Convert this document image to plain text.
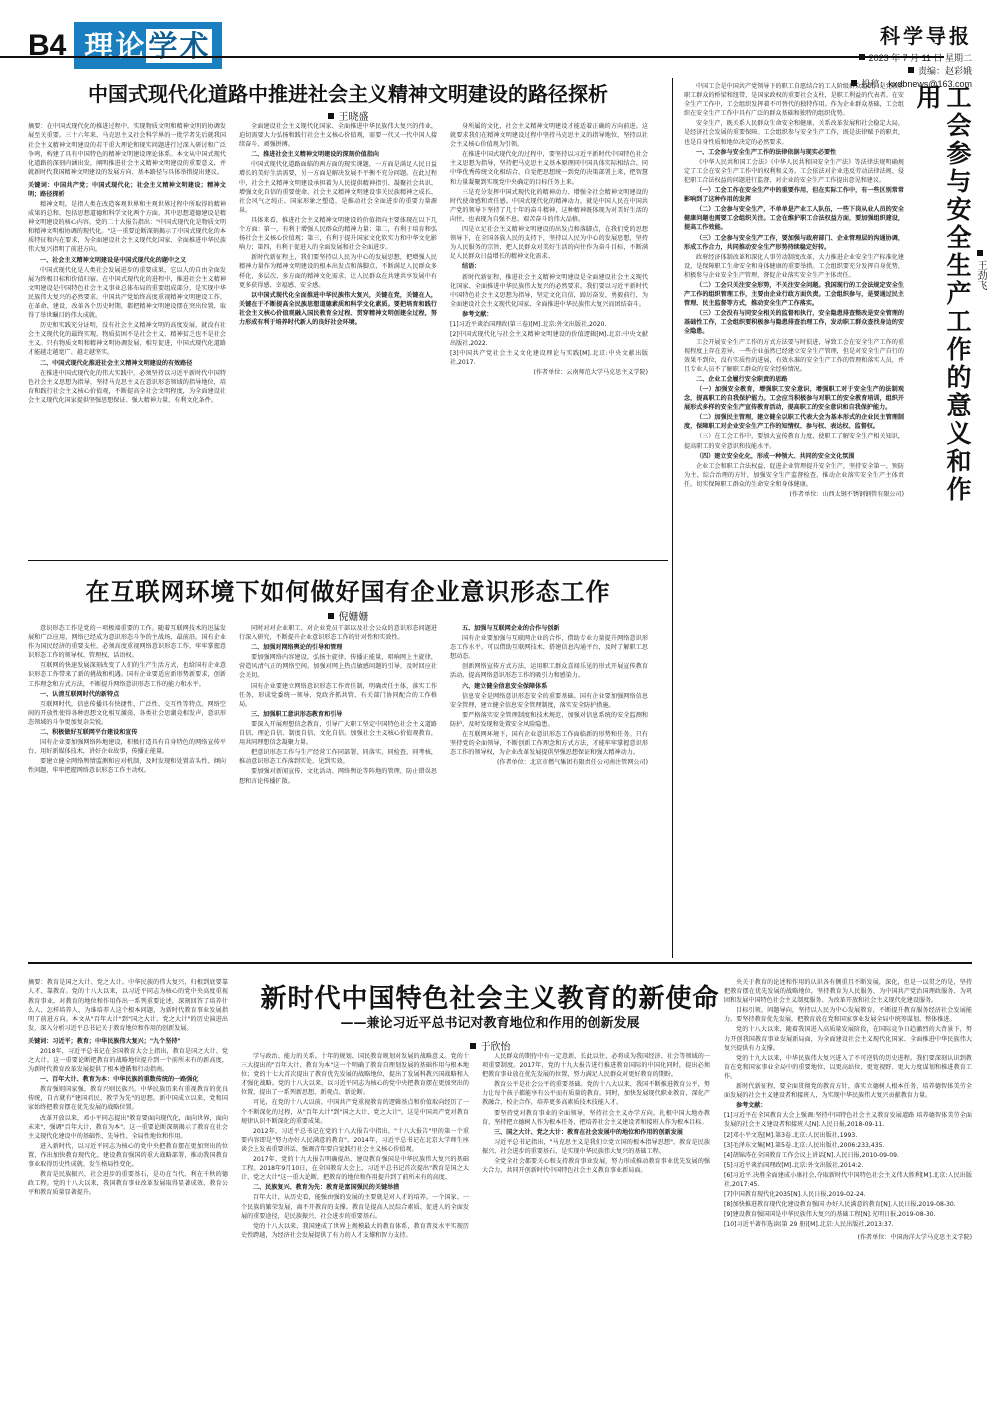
B4 理论学术	科学导报
2023 年 7 月 11 日 星期二
责编：赵彩娥
投稿：kxdbnews@163.com
中国式现代化道路中推进社会主义精神文明建设的路径探析
王晓盛

摘要：在中国式现代化的推进过程中，实现物质文明和精神文明的协调发展至关重要。三十六年来，马克思主义社会科学界的一批学者先后就我国社会主义精神文明建设的若干重大理论和现实问题进行过深入研讨和广泛争鸣，构建了具有中国特色的精神文明建设理论体系。本文从中国式现代化道路的深刻内涵出发，阐明推进社会主义精神文明建设的重要意义，并就新时代我国精神文明建设的发展方向、基本路径与具体举措提出建议。

关键词：中国共产党；中国式现代化；社会主义精神文明建设；精神文明；路径探析

精神文明，是指人类在改造客观世界和主观世界过程中所取得的精神成果的总和，包括思想道德和科学文化两个方面，其中思想道德建设是精神文明建设的核心内容。党的二十大报告指出："中国式现代化是物质文明和精神文明相协调的现代化。"这一重要论断深刻揭示了中国式现代化的本质特征和内在要求，为全面建设社会主义现代化国家、全面推进中华民族伟大复兴指明了前进方向。

一、社会主义精神文明建设是中国式现代化的题中之义

中国式现代化是人类社会发展进步的重要成果，它以人的自由全面发展为终极目标和价值归宿。在中国式现代化的进程中，推进社会主义精神文明建设是中国特色社会主义事业总体布局的重要组成部分，是实现中华民族伟大复兴的必然要求。中国共产党始终高度重视精神文明建设工作，在革命、建设、改革各个历史时期，都把精神文明建设摆在突出位置，取得了举世瞩目的伟大成就。

历史和实践充分证明，没有社会主义精神文明的高度发展，就没有社会主义现代化的最终实现。物质贫困不是社会主义，精神贫乏也不是社会主义。只有物质文明和精神文明协调发展、相互促进，中国式现代化道路才能越走越宽广、越走越坚实。

二、中国式现代化推进社会主义精神文明建设的有效路径

在推进中国式现代化的伟大实践中，必须坚持以习近平新时代中国特色社会主义思想为指导，坚持马克思主义在意识形态领域的指导地位，培育和践行社会主义核心价值观，不断提高全社会文明程度，为全面建设社会主义现代化国家提供坚强思想保证、强大精神力量、有利文化条件。

全面建设社会主义现代化国家、全面推进中华民族伟大复兴的伟业，迫切需要大力弘扬和践行社会主义核心价值观，需要一代又一代中国人接续奋斗、顽强拼搏。

二、推进社会主义精神文明建设的深刻价值指向

中国式现代化道路面临的两方面的现实课题，一方面是满足人民日益增长的美好生活需要，另一方面是解决发展不平衡不充分问题。在此过程中，社会主义精神文明建设承担着为人民提供精神指引、凝聚社会共识、增强文化自信的重要使命。社会主义精神文明建设事关民族精神之成长、社会风气之纯正、国家形象之塑造，是推动社会全面进步的重要力量源泉。

具体来看，推进社会主义精神文明建设的价值指向主要体现在以下几个方面：第一，有利于增强人民群众的精神力量；第二，有利于培育和弘扬社会主义核心价值观；第三，有利于提升国家文化软实力和中华文化影响力；第四，有利于促进人的全面发展和社会全面进步。

新时代新征程上，我们要坚持以人民为中心的发展思想，把增强人民精神力量作为精神文明建设的根本出发点和落脚点，不断满足人民群众多样化、多层次、多方面的精神文化需求，让人民群众在共建共享发展中有更多获得感、幸福感、安全感。

以中国式现代化全面推进中华民族伟大复兴，关键在党，关键在人，关键在于不断提高全民族思想道德素质和科学文化素质。要把培育和践行社会主义核心价值观融入国民教育全过程、贯穿精神文明创建全过程，努力形成有利于培养时代新人的良好社会环境。

身所属的文化，社会主义精神文明建设才能适着正确的方向前进。这就要求我们在精神文明建设过程中坚持马克思主义的指导地位，坚持以社会主义核心价值观为引领。

在推进中国式现代化的过程中，要坚持以习近平新时代中国特色社会主义思想为指导，坚持把马克思主义基本原理同中国具体实际相结合、同中华优秀传统文化相结合，自觉把思想统一到党的决策部署上来，把智慧和力量凝聚到实现党中央确定的目标任务上来。

三是充分发挥中国式现代化的精神动力、增强全社会精神文明建设的时代使命感和责任感。中国式现代化的精神动力，就是中国人民在中国共产党的领导下坚持了几十年的奋斗精神，这种精神既体现为对美好生活的向往，也表现为自强不息、艰苦奋斗的伟大品格。

四是立足社会主义精神文明建设的出发点和落脚点，在我们党的思想领导下，在全国各族人民的支持下，坚持以人民为中心的发展思想，坚持为人民服务的宗旨，把人民群众对美好生活的向往作为奋斗目标，不断满足人民群众日益增长的精神文化需求。

结语：

新时代新征程，推进社会主义精神文明建设是全面建设社会主义现代化国家、全面推进中华民族伟大复兴的必然要求。我们要以习近平新时代中国特色社会主义思想为指导，坚定文化自信，踔厉奋发、勇毅前行，为全面建设社会主义现代化国家、全面推进中华民族伟大复兴而团结奋斗。

参考文献：

[1]习近平谈治国理政(第三卷)[M].北京:外文出版社,2020.

[2]中国式现代化与社会主义精神文明建设的价值逻辑[M].北京:中央文献出版社,2022.

[3]中国共产党社会主义文化建设理论与实践[M].北京:中央文献出版社,2017.

(作者单位：云南师范大学马克思主义学院)	工会参与安全生产工作的意义和作用
王劲飞

中国工会是中国共产党领导下的职工自愿结合的工人阶级群众组织，是党联系职工群众的桥梁和纽带，是国家政权的重要社会支柱，是职工利益的代表者。在安全生产工作中，工会组织发挥着不可替代的独特作用。作为企业群众基础，工会组织在安全生产工作中具有广泛的群众基础和独特的组织优势。

安全生产，既关系人民群众生命安全和健康，关系改革发展和社会稳定大局，是经济社会发展的重要保障。工会组织参与安全生产工作，既是法律赋予的职责，也是自身性质和地位决定的必然要求。

一、工会参与安全生产工作的法律依据与现实必要性

《中华人民共和国工会法》《中华人民共和国安全生产法》等法律法规明确规定了工会在安全生产工作中的权利和义务。工会依法对企业违反劳动法律法规、侵犯职工合法权益的问题进行监督，对企业的安全生产工作提出意见和建议。

（一）工会工作在安全生产中的重要作用，但在实际工作中，有一些区别常常影响到了这种作用的发挥

（二）工会参与安全生产，不单单是产业工人队伍，一些下岗从业人员的安全健康问题也需要工会组织关注。工会在维护职工合法权益方面，要加强组织建设，提高工作效能。

（三）工会参与安全生产工作，要加强与政府部门、企业管理层的沟通协调，形成工作合力，共同推动安全生产形势持续稳定好转。

政府经济体制改革和深化人事劳动制度改革，大力推进企业安全生产标准化建设，是保障职工生命安全和身体健康的重要举措。工会组织要充分发挥自身优势，积极参与企业安全生产管理，督促企业落实安全生产主体责任。

（二）工会只关注安全形势，不关注安全问题。我国现行的工会法规定安全生产工作的组织管理工作，主要由企业行政方面负责。工会组织参与，是要通过民主管理、民主监督等方式，推动安全生产工作落实。

（三）工会没有与同安全相关的监督和执行，安全隐患排查整改是安全管理的基础性工作，工会组织要积极参与隐患排查治理工作，发动职工群众查找身边的安全隐患。

工会开展安全生产工作的方式方法要与时俱进，导致工会在安全生产工作的重视程度上存在差异，一些企业虽然已经建立安全生产管理，但是对安全生产自行的效果不到位，没有实质性的进展，有效水准的安全生产工作的管理和落实人员，并且专业人员不了解职工群众的安全经验情况。

二、企业工会履行安全职责的思路

（一）加强安全教育，增强职工安全意识，增强职工对于安全生产的法制观念，提高职工的自我保护能力。工会应当积极参与对职工的安全教育培训，组织开展形式多样的安全生产宣传教育活动，提高职工的安全意识和自我保护能力。

（二）加强民主管理，建立健全以职工代表大会为基本形式的企业民主管理制度，保障职工对企业安全生产工作的知情权、参与权、表达权、监督权。

（三）在工会工作中，要加大宣传教育力度，使职工了解安全生产相关知识，提高职工的安全意识和技能水平。

（四）建立安全化化，形成一种领大、共同的安全文化氛围

企业工会和职工合法权益、促进企业管理提升安全生产，坚持安全第一、预防为主、综合治理的方针，加强安全生产监督检查，推动企业落实安全生产主体责任，切实保障职工群众的生命安全和身体健康。

(作者单位：山西太钢不锈钢钢管有限公司)

在互联网环境下如何做好国有企业意识形态工作
倪姗姗

意识形态工作是党的一项极端重要的工作。随着互联网技术的迅猛发展和广泛应用，网络已经成为意识形态斗争的主战场、最前沿。国有企业作为国民经济的重要支柱，必须高度重视网络意识形态工作，牢牢掌握意识形态工作的领导权、管理权、话语权。

互联网的快速发展深刻改变了人们的生产生活方式，也给国有企业意识形态工作带来了新的挑战和机遇。国有企业要适应新形势新要求，创新工作理念和方式方法，不断提升网络意识形态工作的能力和水平。

一、认清互联网时代的新特点

互联网时代，信息传播具有快捷性、广泛性、交互性等特点。网络空间的开放性使得各种思想文化相互激荡，各类社会思潮竞相发声，意识形态领域的斗争更加复杂尖锐。

二、积极做好互联网平台建设和宣传

国有企业要加强网络阵地建设，积极打造具有自身特色的网络宣传平台，用好新媒体技术，讲好企业故事，传播正能量。

要建立健全网络舆情监测和应对机制，及时发现和处置苗头性、倾向性问题，牢牢把握网络意识形态工作主动权。

同时对对企业职工、对企业党员干部以及社会公众的意识形态问题进行深入研究，不断提升企业意识形态工作的针对性和实效性。

二、加强对网络舆论的引导和管理

要加强网络内容建设，弘扬主旋律、传播正能量，唱响网上主旋律，营造风清气正的网络空间。加强对网上热点敏感问题的引导，及时回应社会关切。

国有企业要建立网络意识形态工作责任制，明确责任主体，落实工作任务，形成党委统一领导、党政齐抓共管、有关部门协同配合的工作格局。

三、加强职工意识形态教育和引导

要深入开展理想信念教育，引导广大职工坚定中国特色社会主义道路自信、理论自信、制度自信、文化自信。加强社会主义核心价值观教育，用共同理想信念凝聚力量。

把意识形态工作与生产经营工作同部署、同落实、同检查、同考核，推动意识形态工作落到实处、见到实效。

要加强对新闻宣传、文化活动、网络舆论等阵地的管理，防止错误思想和言论传播扩散。

五、加强与互联网企业的合作与创新

国有企业要加强与互联网企业的合作，借助专业力量提升网络意识形态工作水平。可以借助互联网技术，搭建信息沟通平台，及时了解职工思想动态。

创新网络宣传方式方法，运用职工群众喜闻乐见的形式开展宣传教育活动，提高网络意识形态工作的吸引力和感染力。

六、建立健全信息安全保障体系

信息安全是网络意识形态安全的重要基础。国有企业要加强网络信息安全管理，建立健全信息安全管理制度，落实安全防护措施。

要严格落实安全管理制度和技术规范，加强对信息系统的安全监测和防护，及时发现和处置安全风险隐患。

在互联网环境下，国有企业意识形态工作面临新的形势和任务。只有坚持党的全面领导，不断创新工作理念和方式方法，才能牢牢掌握意识形态工作的领导权，为企业改革发展提供坚强思想保证和强大精神动力。

(作者单位：北京市燃气集团有限责任公司南注管网公司)

新时代中国特色社会主义教育的新使命
——兼论习近平总书记对教育地位和作用的创新发展
于欣怡

摘要：教育是国之大计、党之大计。中华民族的伟大复兴，归根到底要靠人才、靠教育。党的十八大以来，以习近平同志为核心的党中央高度重视教育事业，对教育的地位和作用作出一系列重要论述，深刻回答了培养什么人、怎样培养人、为谁培养人这个根本问题，为新时代教育事业发展指明了前进方向。本文从"百年大计"到"国之大计、党之大计"的历史演进出发，深入分析习近平总书记关于教育地位和作用的创新发展。

关键词：习近平；教育；中华民族伟大复兴；"九个坚持"

2018年，习近平总书记在全国教育大会上指出，教育是国之大计、党之大计。这一重要论断把教育的战略地位提升到一个前所未有的新高度，为新时代教育改革发展提供了根本遵循和行动指南。

一、百年大计、教育为本：中华民族的重数传统的一路强化

教育强则国家强，教育兴则民族兴。中华民族历来有重视教育的优良传统，自古就有"建国君民、教学为先"的思想。新中国成立以来，党和国家始终把教育摆在优先发展的战略位置。

改革开放以来，邓小平同志提出"教育要面向现代化，面向世界，面向未来"，强调"百年大计，教育为本"。这一重要论断深刻揭示了教育在社会主义现代化建设中的基础性、先导性、全局性地位和作用。

进入新时代，以习近平同志为核心的党中央把教育摆在更加突出的位置，作出加快教育现代化、建设教育强国的重大战略部署，推动我国教育事业取得历史性成就、发生格局性变化。

教育是民族振兴、社会进步的重要基石，是功在当代、利在千秋的德政工程。党的十八大以来，我国教育事业改革发展取得显著成效，教育公平和教育质量显著提升。

学与政治、能力的关系。十年的规划、国民教育规划对发展的战略意义。党的十三大提出的"百年大计、教育为本"这一个明确了教育自理划发展的基础作用与根本地位；党的十七大首次提出了教育优先发展的战略地位，提出了发展科教兴国战略和人才强化战略。党的十八大以来，以习近平同志为核心的党中央把教育摆在更加突出的位置，提出了一系列新思想、新观点、新论断。

可见，在党的十八大以前，中国共产党重视教育的逻辑基点和价值取向经历了一个不断深化的过程，从"百年大计"到"国之大计、党之大计"，这是中国共产党对教育规律认识不断深化的重要成果。

2012年，习近平总书记在党的十八大报告中指出，"十八大报告"里的第一个重要内容即是"努力办好人民满意的教育"。2014年，习近平总书记在北京大学师生座谈会上发表重要讲话，强调青年要自觉践行社会主义核心价值观。

2017年，党的十九大报告明确提出，建设教育强国是中华民族伟大复兴的基础工程。2018年9月10日，在全国教育大会上，习近平总书记首次提出"教育是国之大计、党之大计"这一重大论断，把教育的地位和作用提升到了前所未有的高度。

二、民族复兴、教育为先：教育是富国强民的关键举措

百年大计，从历史看，能强由强的发展的主要就是对人才的培养。一个国家、一个民族的繁荣发展，离不开教育的支撑。教育是提高人民综合素质、促进人的全面发展的重要途径，是民族振兴、社会进步的重要基石。

党的十八大以来，我国建成了世界上规模最大的教育体系，教育普及水平实现历史性跨越，为经济社会发展提供了有力的人才支撑和智力支持。

人民群众的期待中有一定意新、长此以往、必将成为我国经济、社会等领域的一项重要制度。2017年，党的十九大报告进行推进教育国际的中国化同时，提出必须把教育事业放在优先发展的位置，努力满足人民群众对更好教育的期盼。

教育公平是社会公平的重要基础。党的十八大以来，我国不断推进教育公平，努力让每个孩子都能享有公平而有质量的教育。同时，加快发展现代职业教育，深化产教融合、校企合作，培养更多高素质技术技能人才。

要坚持党对教育事业的全面领导，坚持社会主义办学方向，扎根中国大地办教育，坚持把立德树人作为根本任务，把培养社会主义建设者和接班人作为根本目标。

三、国之大计、党之大计：教育在社会发展中的地位和作用的创新发展

习近平总书记指出，"马克思主义是我们立党立国的根本指导思想"。教育是民族振兴、社会进步的重要基石，是实现中华民族伟大复兴的基础工程。

全党全社会都要关心和支持教育事业发展，努力形成推动教育事业优先发展的强大合力，共同开创新时代中国特色社会主义教育事业新局面。

央关于教育的论述和作用的认识各有侧重且不断发展，深化，但是一以贯之的是，坚持把教育摆在优先发展的战略地位，坚持教育为人民服务、为中国共产党治国理政服务、为巩固和发展中国特色社会主义制度服务、为改革开放和社会主义现代化建设服务。

目标引领、问题导向，坚持以人民为中心发展教育，不断提升教育服务经济社会发展能力。要坚持教育优先发展，把教育放在党和国家事业发展全局中统筹谋划、整体推进。

党的十八大以来，随着我国进入高质量发展阶段，在国际竞争日趋激烈的大背景下，努力开创我国教育事业发展新局面，为全面建设社会主义现代化国家、全面推进中华民族伟大复兴提供有力支撑。

党的十九大以来，中华民族伟大复兴进入了不可逆转的历史进程。我们要深刻认识到教育在党和国家事业全局中的重要地位，以更高站位、更宽视野、更大力度谋划和推进教育工作。

新时代新征程，要全面贯彻党的教育方针，落实立德树人根本任务，培养德智体美劳全面发展的社会主义建设者和接班人，为实现中华民族伟大复兴贡献教育力量。

参考文献：

[1]习近平在全国教育大会上强调:坚持中国特色社会主义教育发展道路 培养德智体美劳全面发展的社会主义建设者和接班人[N].人民日报,2018-09-11.

[2]邓小平文选[M].第3卷.北京:人民出版社,1993.

[3]毛泽东文集[M].第5卷.北京:人民出版社,2006:233,435.

[4]胡锦涛在全国教育工作会议上讲话[N].人民日报,2010-09-09.

[5]习近平谈治国理政[M].北京:外文出版社,2014:2.

[6]习近平.决胜全面建成小康社会,夺取新时代中国特色社会主义伟大胜利[M].北京:人民出版社,2017:45.

[7]中国教育现代化2035[N].人民日报,2019-02-24.

[8]加快推进教育现代化建设教育强国 办好人民满意的教育[N].人民日报,2019-08-30.

[9]建设教育强国国是中华民族伟大复兴的基础工程[N].光明日报,2019-08-30.

[10]习近平著作选读(第 29 册)[M].北京:人民出版社,2013:37.

(作者单位：中国海洋大学马克思主义学院)
